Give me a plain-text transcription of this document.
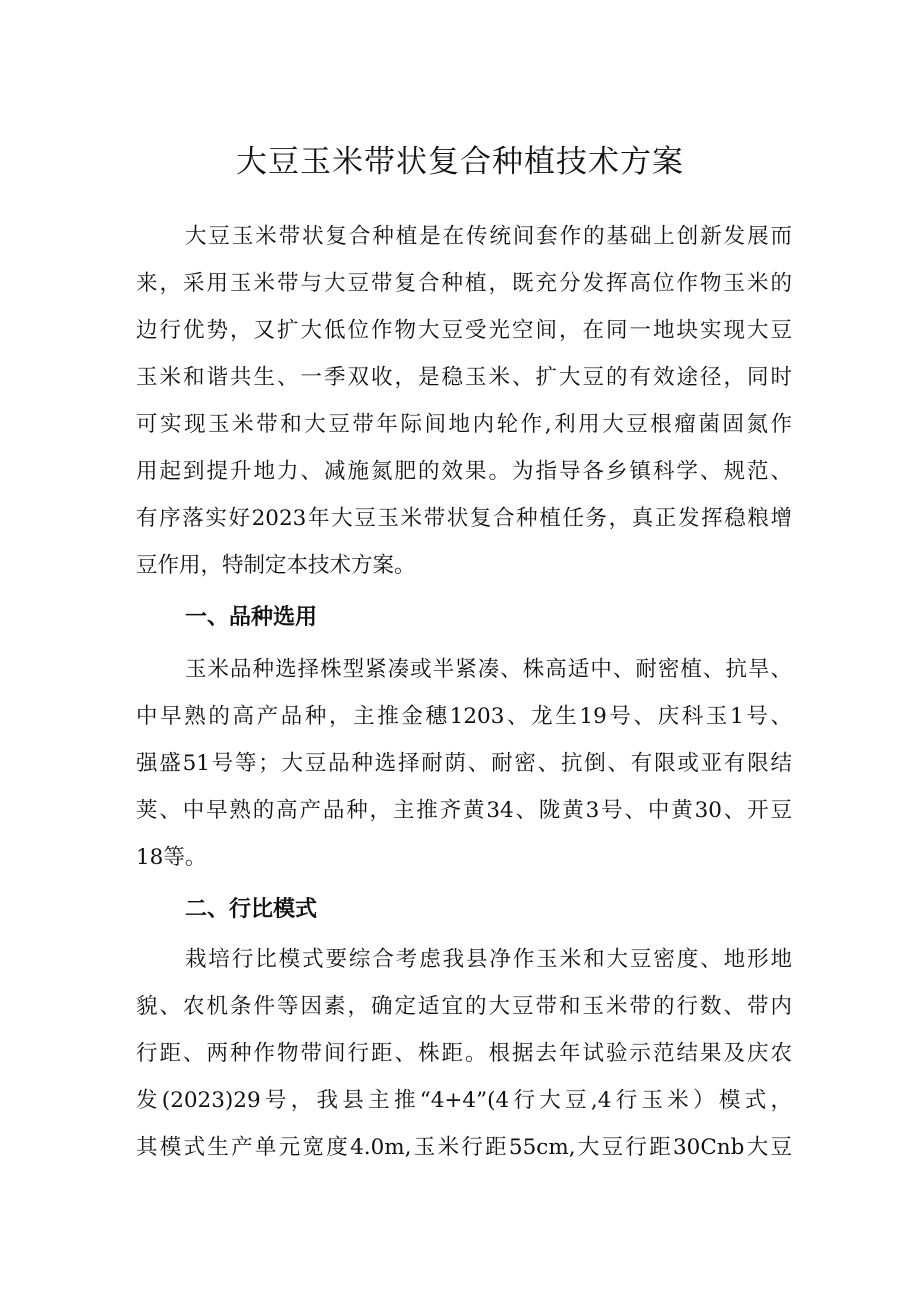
大豆玉米带状复合种植技术方案

大豆玉米带状复合种植是在传统间套作的基础上创新发展而

来，采用玉米带与大豆带复合种植，既充分发挥高位作物玉米的

边行优势，又扩大低位作物大豆受光空间，在同一地块实现大豆

玉米和谐共生、一季双收，是稳玉米、扩大豆的有效途径，同时

可实现玉米带和大豆带年际间地内轮作,利用大豆根瘤菌固氮作

用起到提升地力、减施氮肥的效果。为指导各乡镇科学、规范、

有序落实好2023年大豆玉米带状复合种植任务，真正发挥稳粮增

豆作用，特制定本技术方案。

一、品种选用

玉米品种选择株型紧凑或半紧凑、株高适中、耐密植、抗旱、

中早熟的高产品种，主推金穗1203、龙生19号、庆科玉1号、

强盛51号等；大豆品种选择耐荫、耐密、抗倒、有限或亚有限结

荚、中早熟的高产品种，主推齐黄34、陇黄3号、中黄30、开豆

18等。

二、行比模式

栽培行比模式要综合考虑我县净作玉米和大豆密度、地形地

貌、农机条件等因素，确定适宜的大豆带和玉米带的行数、带内

行距、两种作物带间行距、株距。根据去年试验示范结果及庆农

发(2023)29号，我县主推“4+4”(4行大豆,4行玉米）模式，

其模式生产单元宽度4.0m,玉米行距55cm,大豆行距30Cnb大豆
